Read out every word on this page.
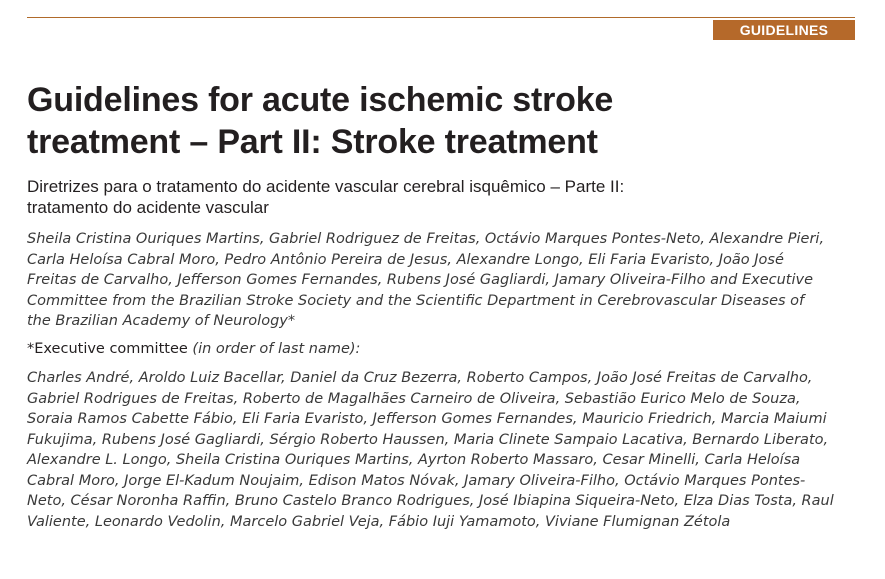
GUIDELINES
Guidelines for acute ischemic stroke
treatment – Part II: Stroke treatment

Diretrizes para o tratamento do acidente vascular cerebral isquêmico – Parte II:
tratamento do acidente vascular

Sheila Cristina Ouriques Martins, Gabriel Rodriguez de Freitas, Octávio Marques Pontes-Neto, Alexandre Pieri, Carla Heloísa Cabral Moro, Pedro Antônio Pereira de Jesus, Alexandre Longo, Eli Faria Evaristo, João José Freitas de Carvalho, Jefferson Gomes Fernandes, Rubens José Gagliardi, Jamary Oliveira-Filho and Executive Committee from the Brazilian Stroke Society and the Scientific Department in Cerebrovascular Diseases of the Brazilian Academy of Neurology*

*Executive committee (in order of last name):

Charles André, Aroldo Luiz Bacellar, Daniel da Cruz Bezerra, Roberto Campos, João José Freitas de Carvalho, Gabriel Rodrigues de Freitas, Roberto de Magalhães Carneiro de Oliveira, Sebastião Eurico Melo de Souza, Soraia Ramos Cabette Fábio, Eli Faria Evaristo, Jefferson Gomes Fernandes, Mauricio Friedrich, Marcia Maiumi Fukujima, Rubens José Gagliardi, Sérgio Roberto Haussen, Maria Clinete Sampaio Lacativa, Bernardo Liberato, Alexandre L. Longo, Sheila Cristina Ouriques Martins, Ayrton Roberto Massaro, Cesar Minelli, Carla Heloísa Cabral Moro, Jorge El-Kadum Noujaim, Edison Matos Nóvak, Jamary Oliveira-Filho, Octávio Marques Pontes-Neto, César Noronha Raffin, Bruno Castelo Branco Rodrigues, José Ibiapina Siqueira-Neto, Elza Dias Tosta, Raul Valiente, Leonardo Vedolin, Marcelo Gabriel Veja, Fábio Iuji Yamamoto, Viviane Flumignan Zétola
